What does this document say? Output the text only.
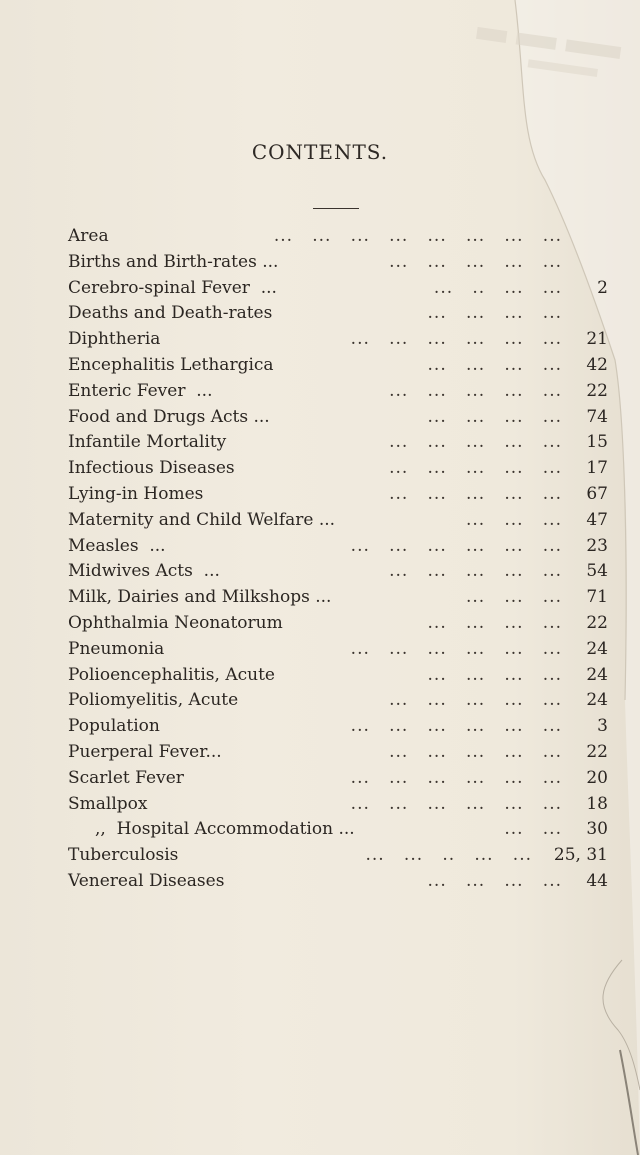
CONTENTS.
Area	...   ...   ...   ...   ...   ...   ...   ...
Births and Birth-rates ...	...   ...   ...   ...   ...
Cerebro-spinal Fever  ...	...   ..   ...   ...	2
Deaths and Death-rates	...   ...   ...   ...
Diphtheria	...   ...   ...   ...   ...   ...	21
Encephalitis Lethargica	...   ...   ...   ...	42
Enteric Fever  ...	...   ...   ...   ...   ...	22
Food and Drugs Acts ...	...   ...   ...   ...	74
Infantile Mortality	...   ...   ...   ...   ...	15
Infectious Diseases	...   ...   ...   ...   ...	17
Lying-in Homes	...   ...   ...   ...   ...	67
Maternity and Child Welfare ...	...   ...   ...	47
Measles  ...	...   ...   ...   ...   ...   ...	23
Midwives Acts  ...	...   ...   ...   ...   ...	54
Milk, Dairies and Milkshops ...	...   ...   ...	71
Ophthalmia Neonatorum	...   ...   ...   ...	22
Pneumonia	...   ...   ...   ...   ...   ...	24
Polioencephalitis, Acute	...   ...   ...   ...	24
Poliomyelitis, Acute	...   ...   ...   ...   ...	24
Population	...   ...   ...   ...   ...   ...	3
Puerperal Fever...	...   ...   ...   ...   ...	22
Scarlet Fever	...   ...   ...   ...   ...   ...	20
Smallpox	...   ...   ...   ...   ...   ...	18
,,  Hospital Accommodation ...	...   ...	30
Tuberculosis	...   ...   ..   ...   ...	25, 31
Venereal Diseases	...   ...   ...   ...	44
